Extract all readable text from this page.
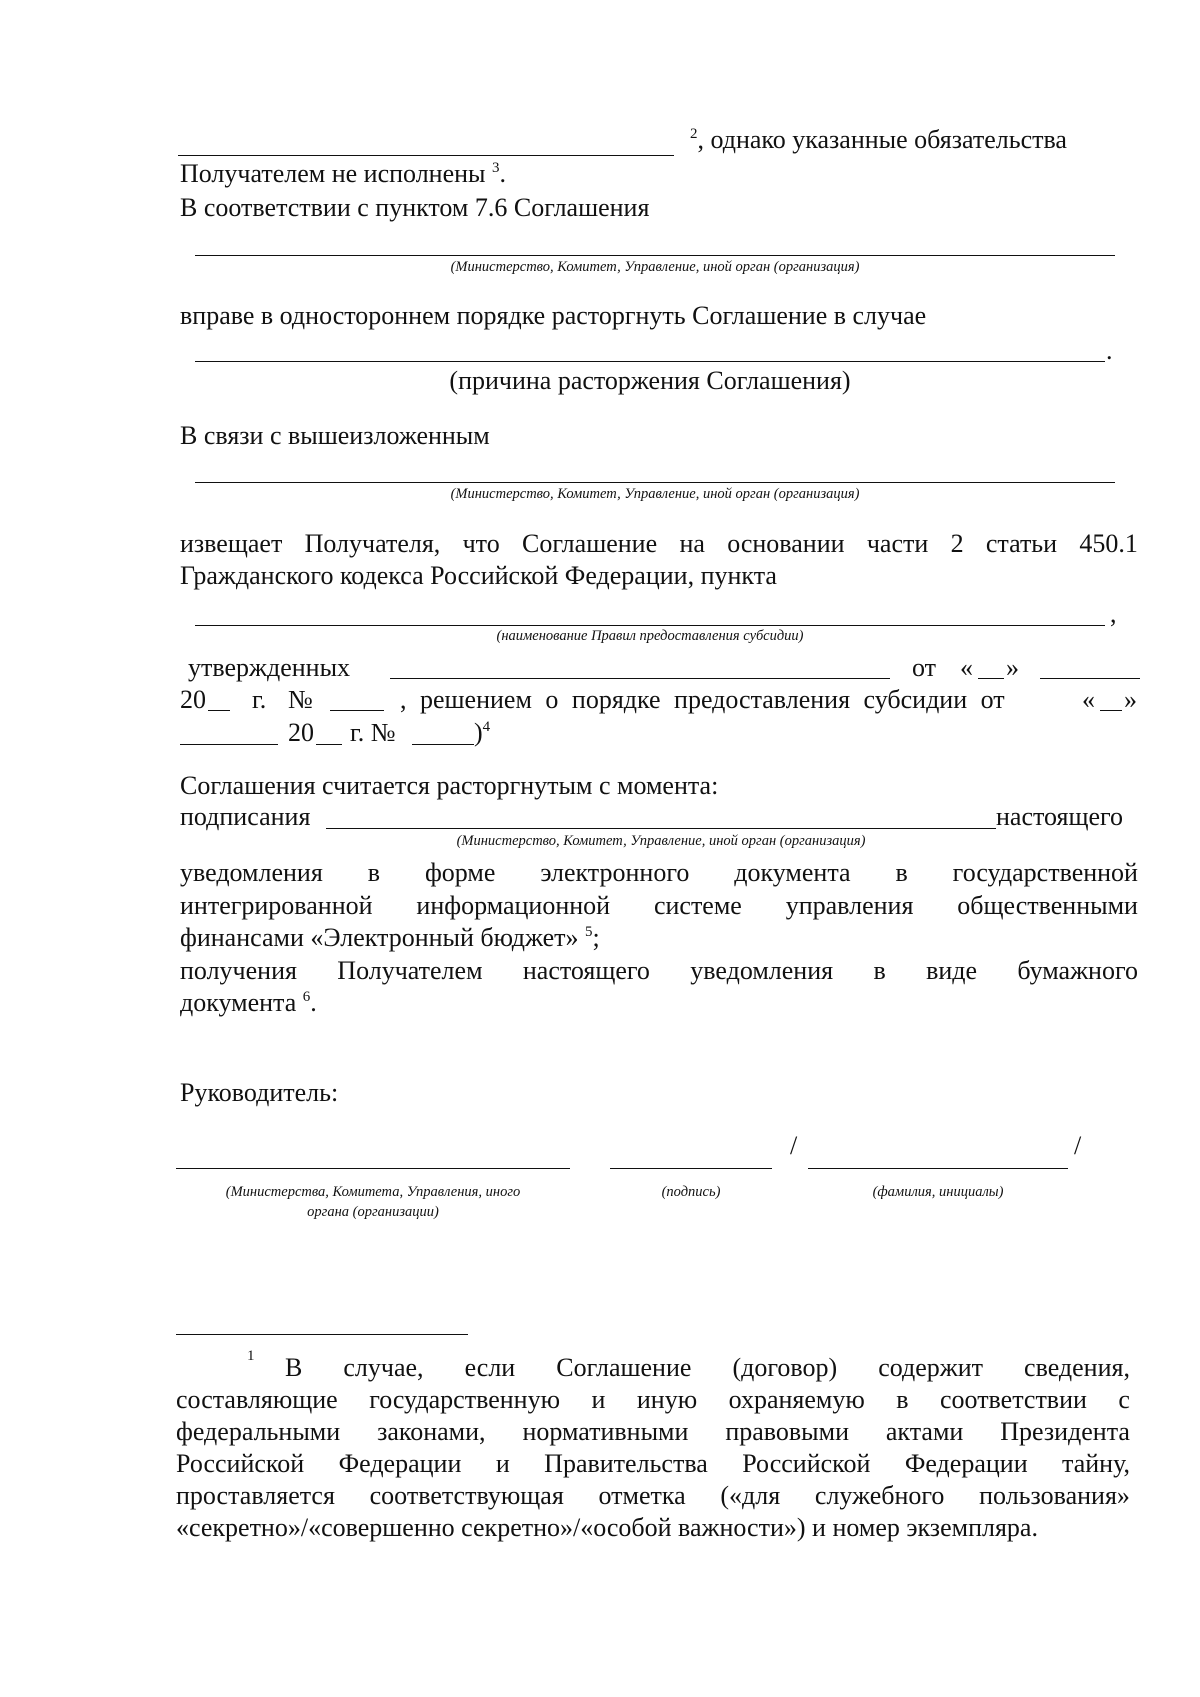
$^2$, однако указанные обязательства
Получателем не исполнены $^3$.
В соответствии с пунктом 7.6 Соглашения
(Министерство, Комитет, Управление, иной орган (организация)
вправе в одностороннем порядке расторгнуть Соглашение в случае
.
(причина расторжения Соглашения)
В связи с вышеизложенным
(Министерство, Комитет, Управление, иной орган (организация)
извещает Получателя, что Соглашение на основании части 2 статьи 450.1
Гражданского кодекса Российской Федерации, пункта
,
(наименование Правил предоставления субсидии)
утвержденных	от « »
20 г. №	, решением о порядке предоставления субсидии от	« »
20 г. №	)$^4$
Соглашения считается расторгнутым с момента:
подписания	настоящего
(Министерство, Комитет, Управление, иной орган (организация)
уведомления в форме электронного документа в государственной
интегрированной информационной системе управления общественными
финансами «Электронный бюджет» $^5$;
получения Получателем настоящего уведомления в виде бумажного
документа $^6$.
Руководитель:
/	/
(Министерства, Комитета, Управления, иного
органа (организации)
(подпись)	(фамилия, инициалы)
1 В случае, если Соглашение (договор) содержит сведения,
составляющие государственную и иную охраняемую в соответствии с
федеральными законами, нормативными правовыми актами Президента
Российской Федерации и Правительства Российской Федерации тайну,
проставляется соответствующая отметка («для служебного пользования»
«секретно»/«совершенно секретно»/«особой важности») и номер экземпляра.
